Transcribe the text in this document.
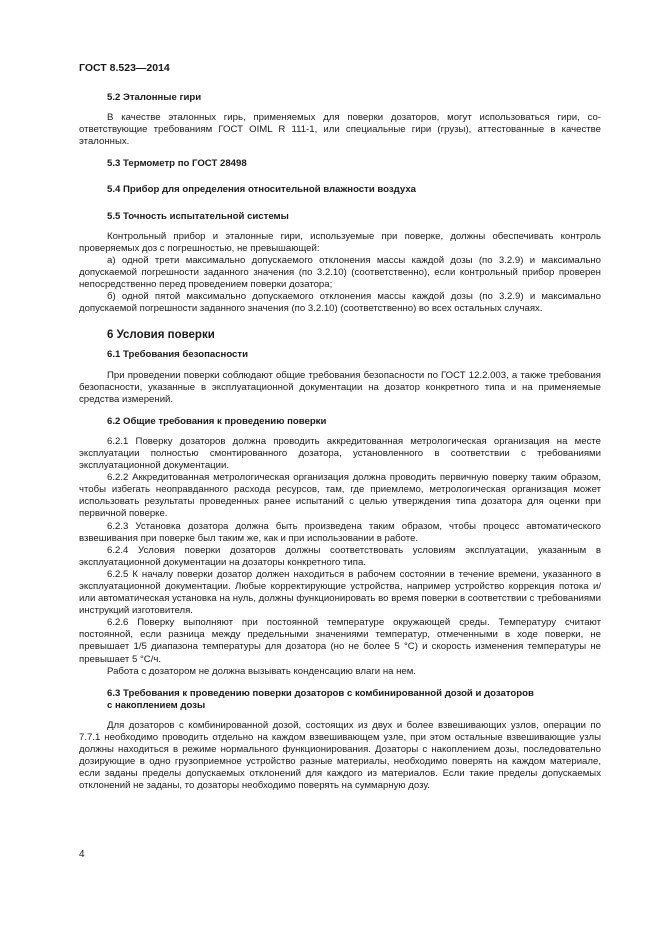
ГОСТ 8.523—2014
5.2 Эталонные гири
В качестве эталонных гирь, применяемых для поверки дозаторов, могут использоваться гири, соответствующие требованиям ГОСТ OIML R 111-1, или специальные гири (грузы), аттестованные в качестве эталонных.
5.3 Термометр по ГОСТ 28498
5.4 Прибор для определения относительной влажности воздуха
5.5 Точность испытательной системы
Контрольный прибор и эталонные гири, используемые при поверке, должны обеспечивать контроль проверяемых доз с погрешностью, не превышающей:
а) одной трети максимально допускаемого отклонения массы каждой дозы (по 3.2.9) и максимально допускаемой погрешности заданного значения (по 3.2.10) (соответственно), если контрольный прибор проверен непосредственно перед проведением поверки дозатора;
б) одной пятой максимально допускаемого отклонения массы каждой дозы (по 3.2.9) и максимально допускаемой погрешности заданного значения (по 3.2.10) (соответственно) во всех остальных случаях.
6 Условия поверки
6.1 Требования безопасности
При проведении поверки соблюдают общие требования безопасности по ГОСТ 12.2.003, а также требования безопасности, указанные в эксплуатационной документации на дозатор конкретного типа и на применяемые средства измерений.
6.2 Общие требования к проведению поверки
6.2.1 Поверку дозаторов должна проводить аккредитованная метрологическая организация на месте эксплуатации полностью смонтированного дозатора, установленного в соответствии с требованиями эксплуатационной документации.
6.2.2 Аккредитованная метрологическая организация должна проводить первичную поверку таким образом, чтобы избегать неоправданного расхода ресурсов, там, где приемлемо, метрологическая организация может использовать результаты проведенных ранее испытаний с целью утверждения типа дозатора для оценки при первичной поверке.
6.2.3 Установка дозатора должна быть произведена таким образом, чтобы процесс автоматического взвешивания при поверке был таким же, как и при использовании в работе.
6.2.4 Условия поверки дозаторов должны соответствовать условиям эксплуатации, указанным в эксплуатационной документации на дозаторы конкретного типа.
6.2.5 К началу поверки дозатор должен находиться в рабочем состоянии в течение времени, указанного в эксплуатационной документации. Любые корректирующие устройства, например устройство коррекция потока и/или автоматическая установка на нуль, должны функционировать во время поверки в соответствии с требованиями инструкций изготовителя.
6.2.6 Поверку выполняют при постоянной температуре окружающей среды. Температуру считают постоянной, если разница между предельными значениями температур, отмеченными в ходе поверки, не превышает 1/5 диапазона температуры для дозатора (но не более 5 °С) и скорость изменения температуры не превышает 5 °С/ч.
Работа с дозатором не должна вызывать конденсацию влаги на нем.
6.3 Требования к проведению поверки дозаторов с комбинированной дозой и дозаторов
с накоплением дозы
Для дозаторов с комбинированной дозой, состоящих из двух и более взвешивающих узлов, операции по 7.7.1 необходимо проводить отдельно на каждом взвешивающем узле, при этом остальные взвешивающие узлы должны находиться в режиме нормального функционирования. Дозаторы с накоплением дозы, последовательно дозирующие в одно грузоприемное устройство разные материалы, необходимо поверять на каждом материале, если заданы пределы допускаемых отклонений для каждого из материалов. Если такие пределы допускаемых отклонений не заданы, то дозаторы необходимо поверять на суммарную дозу.
4
